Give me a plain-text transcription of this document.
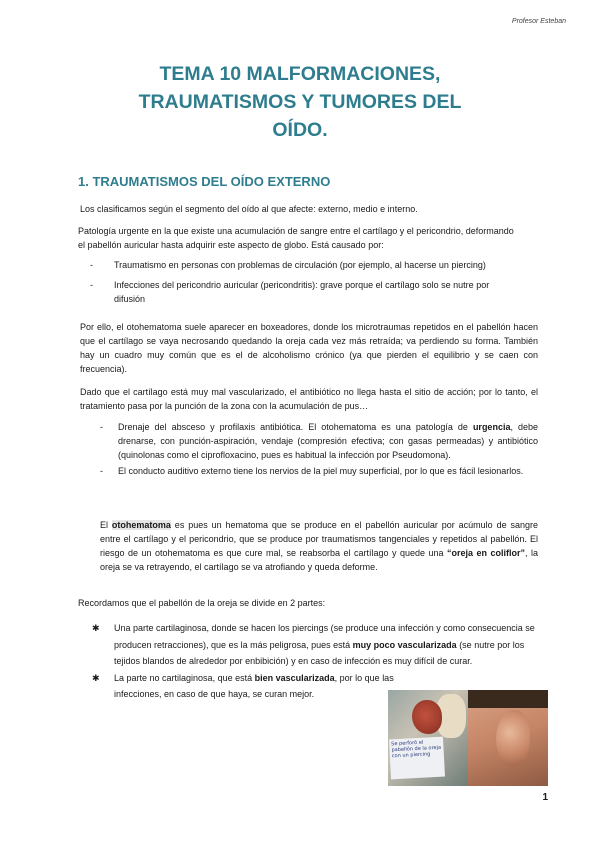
Profesor Esteban
TEMA 10 MALFORMACIONES,
TRAUMATISMOS Y TUMORES DEL
OÍDO.
1. TRAUMATISMOS DEL OÍDO EXTERNO

Los clasificamos según el segmento del oído al que afecte: externo, medio e interno.

Patología urgente en la que existe una acumulación de sangre entre el cartílago y el pericondrio, deformando el pabellón auricular hasta adquirir este aspecto de globo. Está causado por:

- Traumatismo en personas con problemas de circulación (por ejemplo, al hacerse un piercing)
- Infecciones del pericondrio auricular (pericondritis): grave porque el cartílago solo se nutre por difusión

Por ello, el otohematoma suele aparecer en boxeadores, donde los microtraumas repetidos en el pabellón hacen que el cartílago se vaya necrosando quedando la oreja cada vez más retraída; va perdiendo su forma. También hay un cuadro muy común que es el de alcoholismo crónico (ya que pierden el equilibrio y se caen con frecuencia).

Dado que el cartílago está muy mal vascularizado, el antibiótico no llega hasta el sitio de acción; por lo tanto, el tratamiento pasa por la punción de la zona con la acumulación de pus…

- Drenaje del absceso y profilaxis antibiótica. El otohematoma es una patología de urgencia, debe drenarse, con punción-aspiración, vendaje (compresión efectiva; con gasas permeadas) y antibiótico (quinolonas como el ciprofloxacino, pues es habitual la infección por Pseudomona).
- El conducto auditivo externo tiene los nervios de la piel muy superficial, por lo que es fácil lesionarlos.

El otohematoma es pues un hematoma que se produce en el pabellón auricular por acúmulo de sangre entre el cartílago y el pericondrio, que se produce por traumatismos tangenciales y repetidos al pabellón. El riesgo de un otohematoma es que cure mal, se reabsorba el cartílago y quede una “oreja en coliflor”, la oreja se va retrayendo, el cartílago se va atrofiando y queda deforme.

Recordamos que el pabellón de la oreja se divide en 2 partes:

✱ Una parte cartilaginosa, donde se hacen los piercings (se produce una infección y como consecuencia se producen retracciones), que es la más peligrosa, pues está muy poco vascularizada (se nutre por los tejidos blandos de alrededor por enbibición) y en caso de infección es muy difícil de curar.
✱ La parte no cartilaginosa, que está bien vascularizada, por lo que las infecciones, en caso de que haya, se curan mejor.
Se perforó el pabellón de la oreja con un piercing
1
